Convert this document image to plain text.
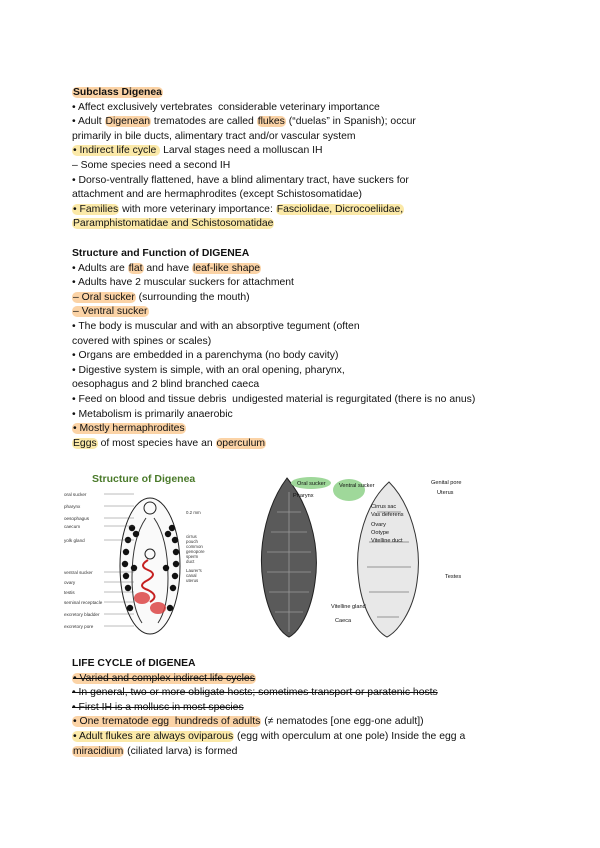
Subclass Digenea
• Affect exclusively vertebrates  considerable veterinary importance
• Adult Digenean trematodes are called flukes (“duelas” in Spanish); occur
primarily in bile ducts, alimentary tract and/or vascular system
• Indirect life cycle  Larval stages need a molluscan IH
– Some species need a second IH
• Dorso-ventrally flattened, have a blind alimentary tract, have suckers for
attachment and are hermaphrodites (except Schistosomatidae)
• Families with more veterinary importance: Fasciolidae, Dicrocoeliidae,
Paramphistomatidae and Schistosomatidae
Structure and Function of DIGENEA
• Adults are flat and have leaf-like shape
• Adults have 2 muscular suckers for attachment
– Oral sucker (surrounding the mouth)
– Ventral sucker
• The body is muscular and with an absorptive tegument (often
covered with spines or scales)
• Organs are embedded in a parenchyma (no body cavity)
• Digestive system is simple, with an oral opening, pharynx,
oesophagus and 2 blind branched caeca
• Feed on blood and tissue debris  undigested material is regurgitated (there is no anus)
• Metabolism is primarily anaerobic
• Mostly hermaphrodites
Eggs of most species have an operculum
LIFE CYCLE of DIGENEA
• Varied and complex indirect life cycles
• In general, two or more obligate hosts; sometimes transport or paratenic hosts
• First IH is a mollusc in most species
• One trematode egg  hundreds of adults (≠ nematodes [one egg-one adult])
• Adult flukes are always oviparous (egg with operculum at one pole) Inside the egg a
miracidium (ciliated larva) is formed
Structure of Digenea
oral sucker
pharynx
oesophagus
caecum
yolk gland
ventral sucker
ovary
testis
seminal receptacle
excretory bladder
excretory pore
0.2 mm
cirrus
pouch
common
genopore
sperm
duct
Laurer's
canal
uterus
Oral sucker Ventral sucker
Pharynx
Genital pore
Uterus
Cirrus sac
Vas deferens
Ovary
Ootype
Vitelline duct
Testes
Vitelline gland
Caeca
